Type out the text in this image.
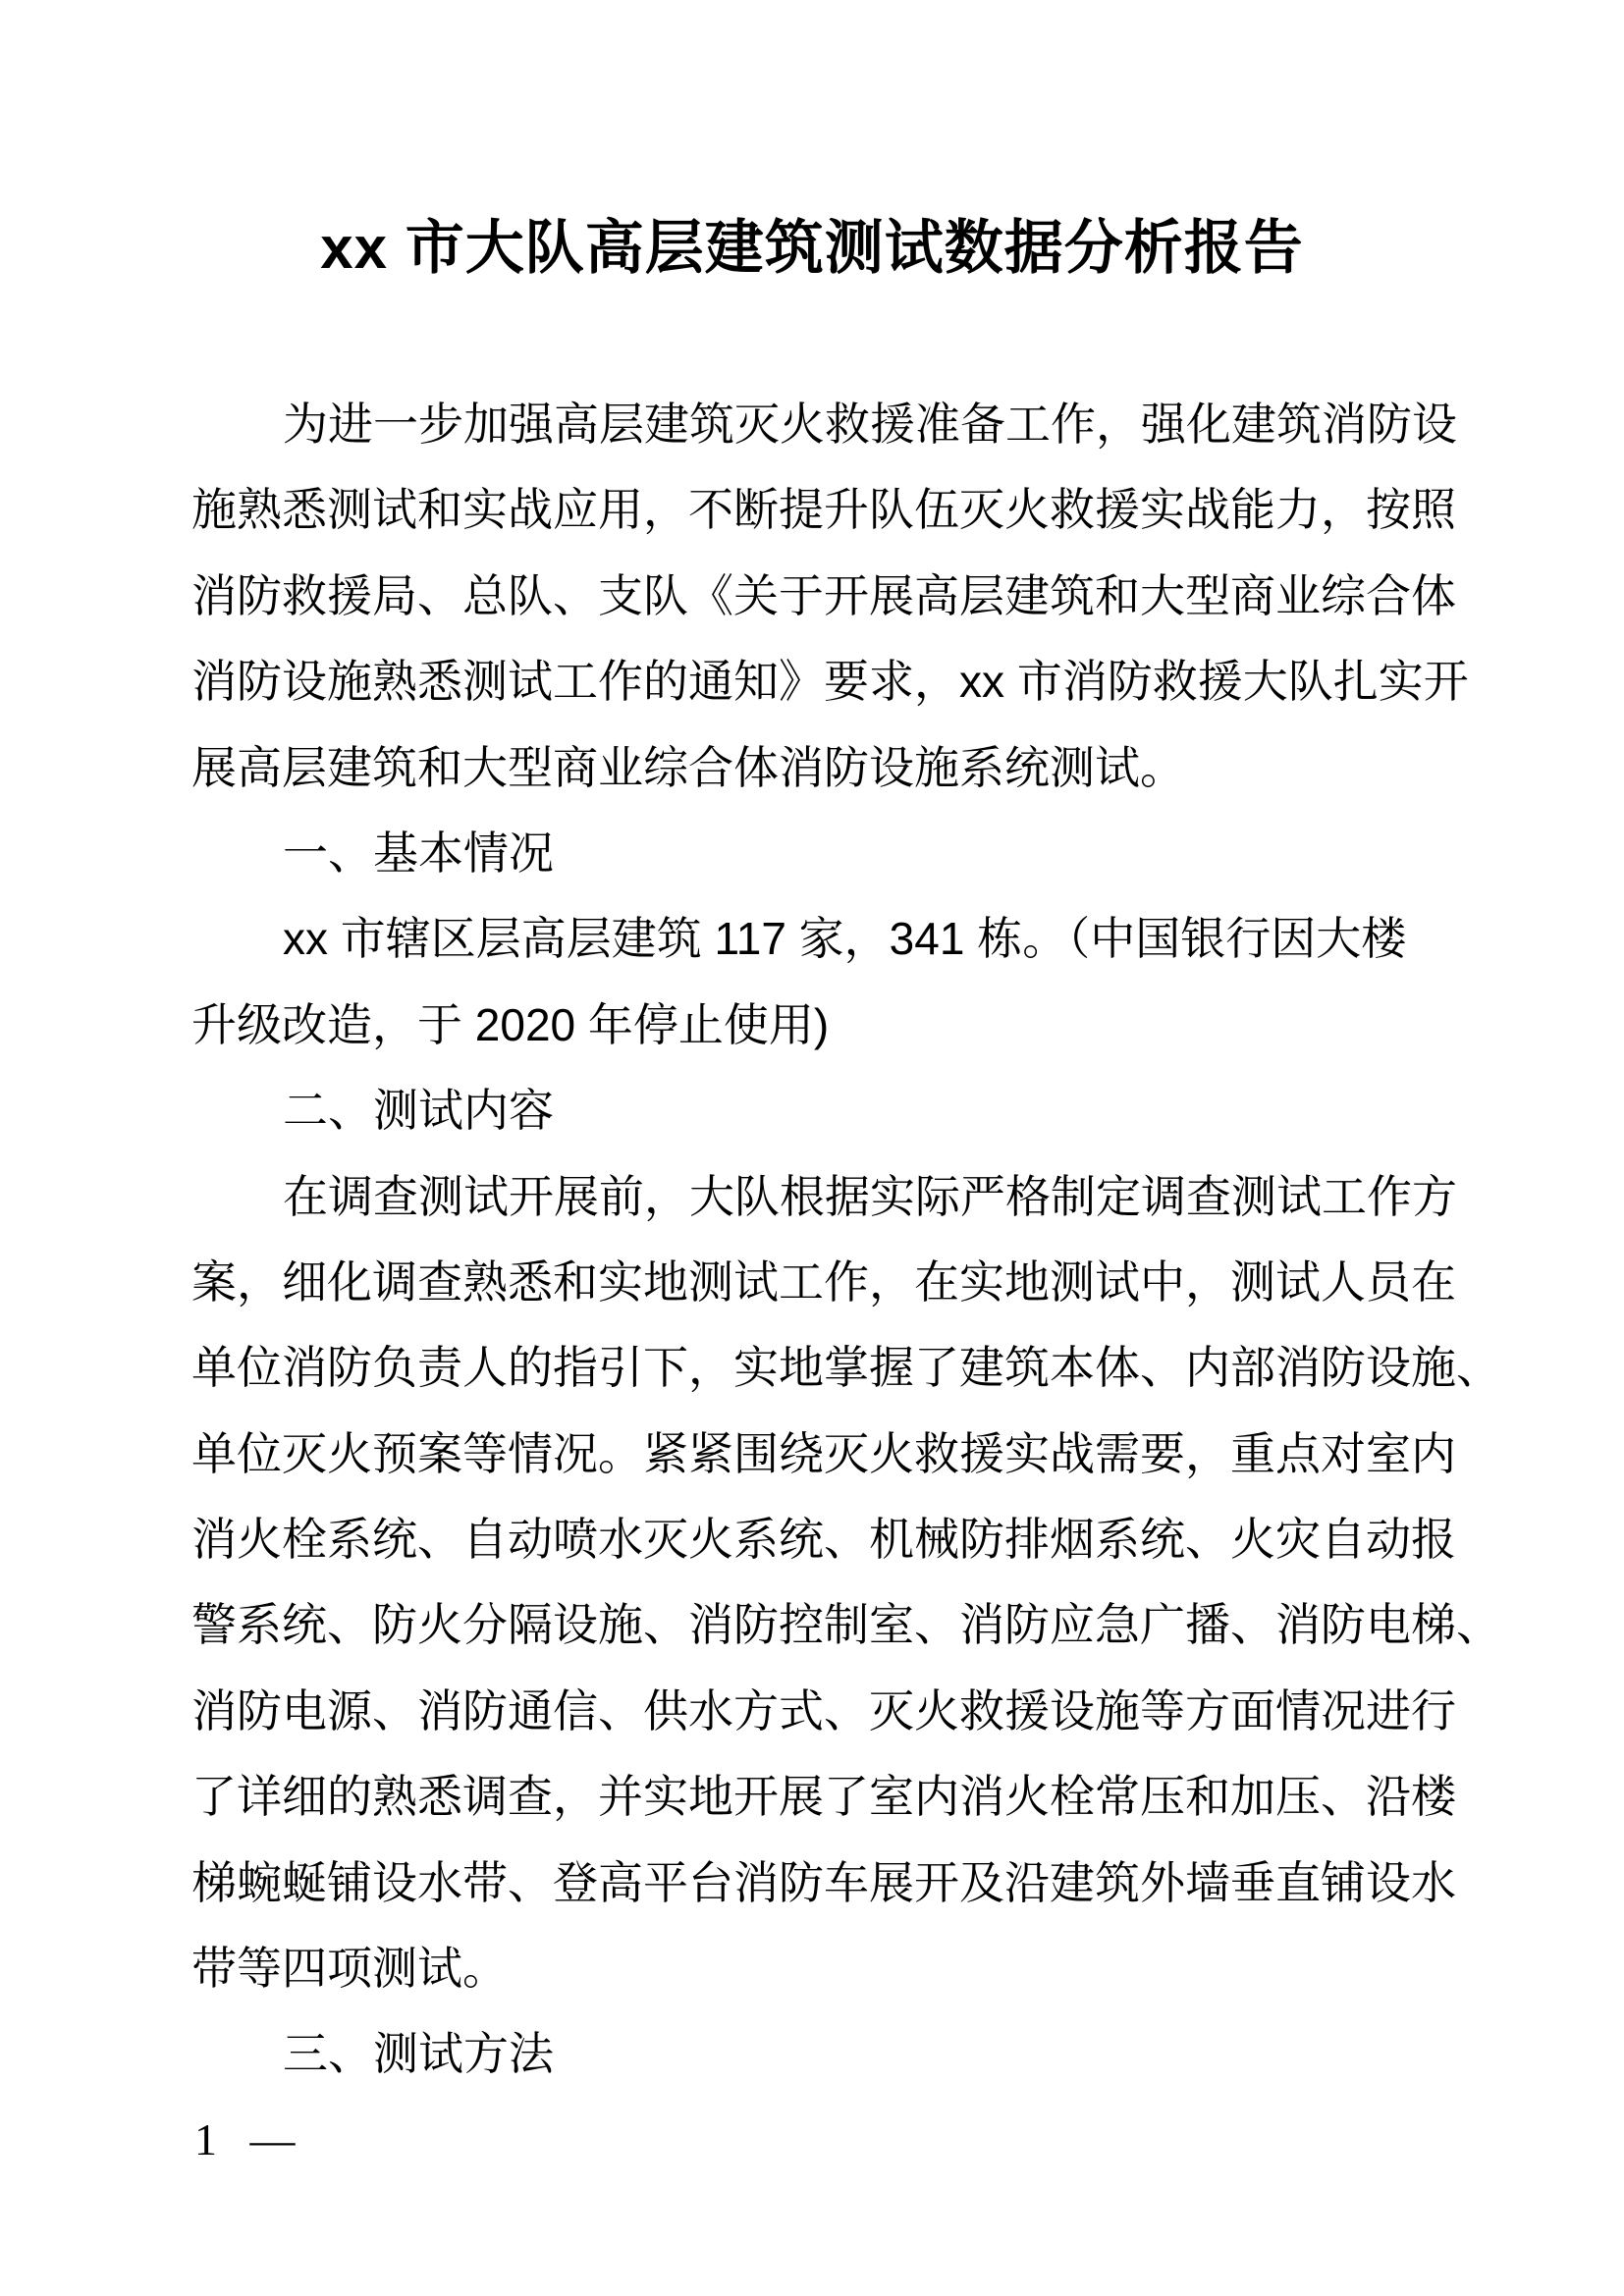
xx 市大队高层建筑测试数据分析报告
为进一步加强高层建筑灭火救援准备工作，强化建筑消防设
施熟悉测试和实战应用，不断提升队伍灭火救援实战能力，按照
消防救援局、总队、支队《关于开展高层建筑和大型商业综合体
消防设施熟悉测试工作的通知》要求，xx 市消防救援大队扎实开
展高层建筑和大型商业综合体消防设施系统测试。
一、基本情况
xx 市辖区层高层建筑 117 家，341 栋。（中国银行因大楼
升级改造，于 2020 年停止使用)
二、测试内容
在调查测试开展前，大队根据实际严格制定调查测试工作方
案，细化调查熟悉和实地测试工作，在实地测试中，测试人员在
单位消防负责人的指引下，实地掌握了建筑本体、内部消防设施、
单位灭火预案等情况。紧紧围绕灭火救援实战需要，重点对室内
消火栓系统、自动喷水灭火系统、机械防排烟系统、火灾自动报
警系统、防火分隔设施、消防控制室、消防应急广播、消防电梯、
消防电源、消防通信、供水方式、灭火救援设施等方面情况进行
了详细的熟悉调查，并实地开展了室内消火栓常压和加压、沿楼
梯蜿蜒铺设水带、登高平台消防车展开及沿建筑外墙垂直铺设水
带等四项测试。
三、测试方法
1 —
